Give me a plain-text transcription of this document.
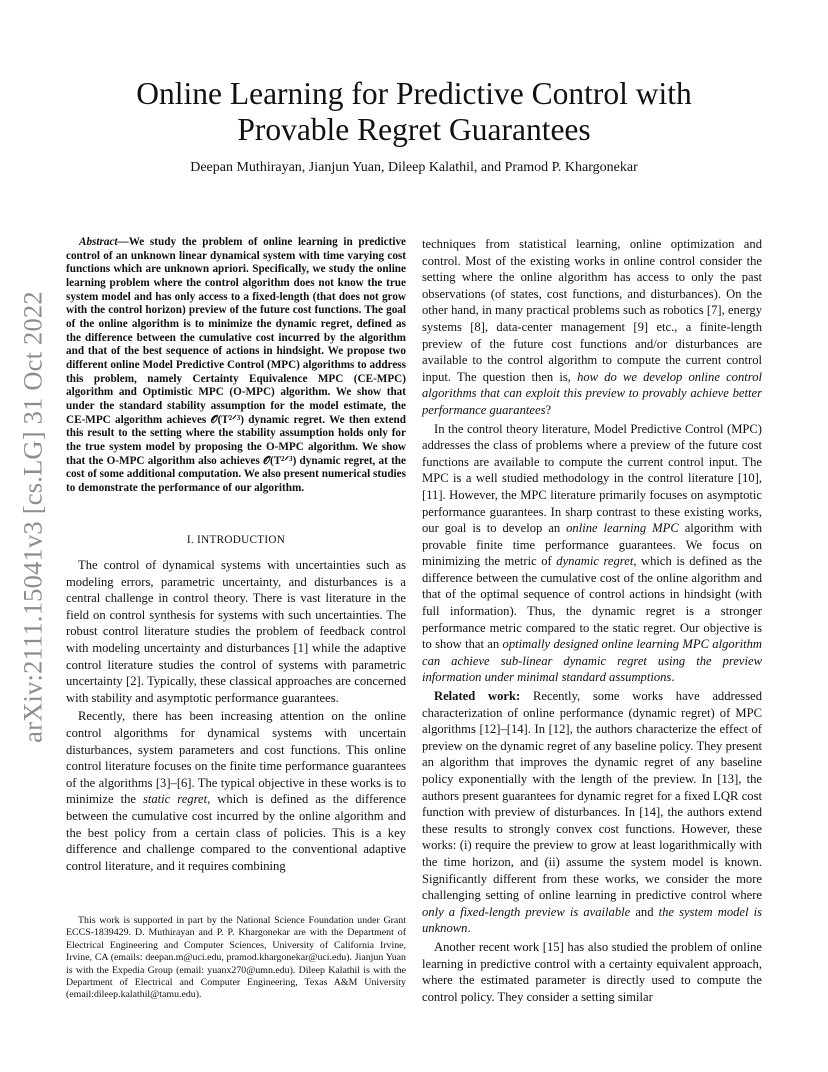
Online Learning for Predictive Control with
Provable Regret Guarantees
Deepan Muthirayan, Jianjun Yuan, Dileep Kalathil, and Pramod P. Khargonekar
arXiv:2111.15041v3 [cs.LG] 31 Oct 2022

Abstract—We study the problem of online learning in predictive control of an unknown linear dynamical system with time varying cost functions which are unknown apriori. Specifically, we study the online learning problem where the control algorithm does not know the true system model and has only access to a fixed-length (that does not grow with the control horizon) preview of the future cost functions. The goal of the online algorithm is to minimize the dynamic regret, defined as the difference between the cumulative cost incurred by the algorithm and that of the best sequence of actions in hindsight. We propose two different online Model Predictive Control (MPC) algorithms to address this problem, namely Certainty Equivalence MPC (CE-MPC) algorithm and Optimistic MPC (O-MPC) algorithm. We show that under the standard stability assumption for the model estimate, the CE-MPC algorithm achieves 𝒪(T²ᐟ³) dynamic regret. We then extend this result to the setting where the stability assumption holds only for the true system model by proposing the O-MPC algorithm. We show that the O-MPC algorithm also achieves 𝒪(T²ᐟ³) dynamic regret, at the cost of some additional computation. We also present numerical studies to demonstrate the performance of our algorithm.

I. INTRODUCTION

The control of dynamical systems with uncertainties such as modeling errors, parametric uncertainty, and disturbances is a central challenge in control theory. There is vast literature in the field on control synthesis for systems with such uncertainties. The robust control literature studies the problem of feedback control with modeling uncertainty and disturbances [1] while the adaptive control literature studies the control of systems with parametric uncertainty [2]. Typically, these classical approaches are concerned with stability and asymptotic performance guarantees.

Recently, there has been increasing attention on the online control algorithms for dynamical systems with uncertain disturbances, system parameters and cost functions. This online control literature focuses on the finite time performance guarantees of the algorithms [3]–[6]. The typical objective in these works is to minimize the static regret, which is defined as the difference between the cumulative cost incurred by the online algorithm and the best policy from a certain class of policies. This is a key difference and challenge compared to the conventional adaptive control literature, and it requires combining

This work is supported in part by the National Science Foundation under Grant ECCS-1839429. D. Muthirayan and P. P. Khargonekar are with the Department of Electrical Engineering and Computer Sciences, University of California Irvine, Irvine, CA (emails: deepan.m@uci.edu, pramod.khargonekar@uci.edu). Jianjun Yuan is with the Expedia Group (email: yuanx270@umn.edu). Dileep Kalathil is with the Department of Electrical and Computer Engineering, Texas A&M University (email:dileep.kalathil@tamu.edu).

techniques from statistical learning, online optimization and control. Most of the existing works in online control consider the setting where the online algorithm has access to only the past observations (of states, cost functions, and disturbances). On the other hand, in many practical problems such as robotics [7], energy systems [8], data-center management [9] etc., a finite-length preview of the future cost functions and/or disturbances are available to the control algorithm to compute the current control input. The question then is, how do we develop online control algorithms that can exploit this preview to provably achieve better performance guarantees?

In the control theory literature, Model Predictive Control (MPC) addresses the class of problems where a preview of the future cost functions are available to compute the current control input. The MPC is a well studied methodology in the control literature [10], [11]. However, the MPC literature primarily focuses on asymptotic performance guarantees. In sharp contrast to these existing works, our goal is to develop an online learning MPC algorithm with provable finite time performance guarantees. We focus on minimizing the metric of dynamic regret, which is defined as the difference between the cumulative cost of the online algorithm and that of the optimal sequence of control actions in hindsight (with full information). Thus, the dynamic regret is a stronger performance metric compared to the static regret. Our objective is to show that an optimally designed online learning MPC algorithm can achieve sub-linear dynamic regret using the preview information under minimal standard assumptions.

Related work: Recently, some works have addressed characterization of online performance (dynamic regret) of MPC algorithms [12]–[14]. In [12], the authors characterize the effect of preview on the dynamic regret of any baseline policy. They present an algorithm that improves the dynamic regret of any baseline policy exponentially with the length of the preview. In [13], the authors present guarantees for dynamic regret for a fixed LQR cost function with preview of disturbances. In [14], the authors extend these results to strongly convex cost functions. However, these works: (i) require the preview to grow at least logarithmically with the time horizon, and (ii) assume the system model is known. Significantly different from these works, we consider the more challenging setting of online learning in predictive control where only a fixed-length preview is available and the system model is unknown.

Another recent work [15] has also studied the problem of online learning in predictive control with a certainty equivalent approach, where the estimated parameter is directly used to compute the control policy. They consider a setting similar
